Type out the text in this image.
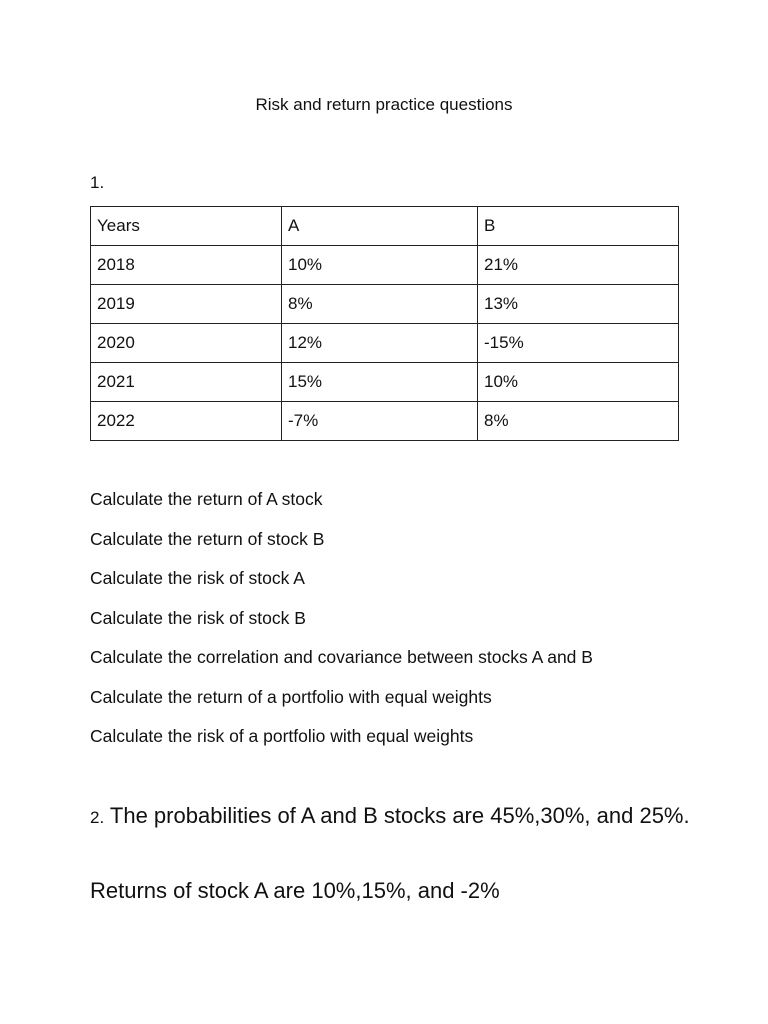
Risk and return practice questions
1.
Years	A	B
2018	10%	21%
2019	8%	13%
2020	12%	-15%
2021	15%	10%
2022	-7%	8%
Calculate the return of A stock
Calculate the return of stock B
Calculate the risk of stock A
Calculate the risk of stock B
Calculate the correlation and covariance between stocks A and B
Calculate the return of a portfolio with equal weights
Calculate the risk of a portfolio with equal weights
2. The probabilities of A and B stocks are 45%,30%, and 25%.
Returns of stock A are 10%,15%, and -2%
